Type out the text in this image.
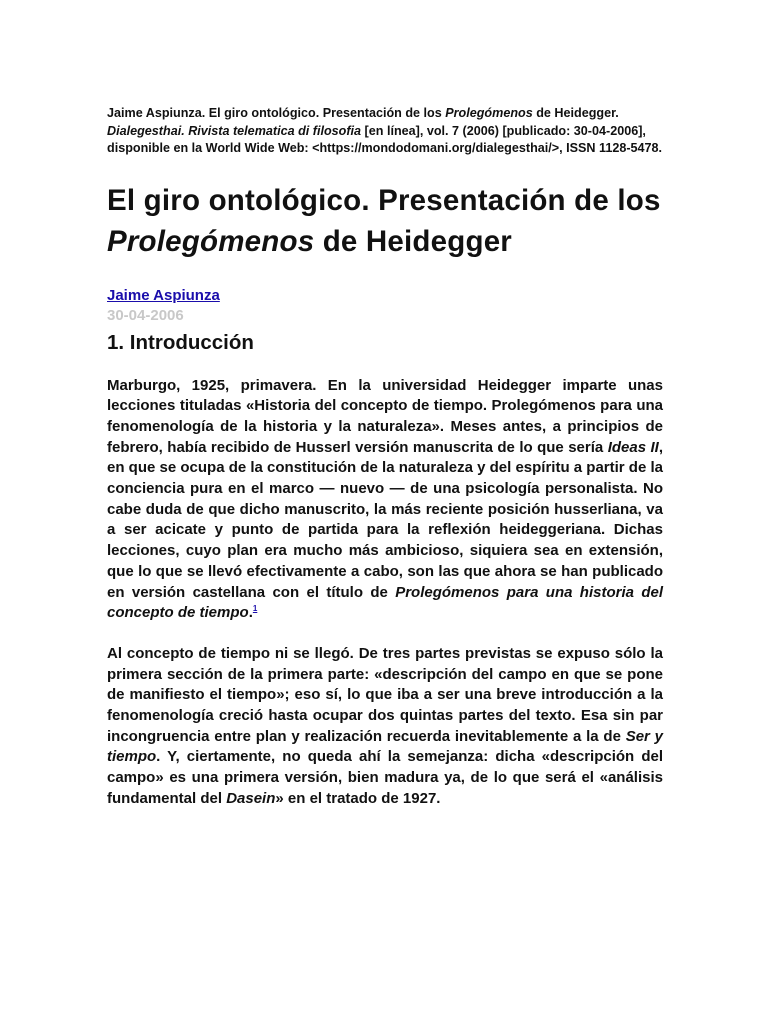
Jaime Aspiunza. El giro ontológico. Presentación de los Prolegómenos de Heidegger. Dialegesthai. Rivista telematica di filosofia [en línea], vol. 7 (2006) [publicado: 30-04-2006], disponible en la World Wide Web: <https://mondodomani.org/dialegesthai/>, ISSN 1128-5478.

El giro ontológico. Presentación de los Prolegómenos de Heidegger
Jaime Aspiunza
30-04-2006
1. Introducción

Marburgo, 1925, primavera. En la universidad Heidegger imparte unas lecciones tituladas «Historia del concepto de tiempo. Prolegómenos para una fenomenología de la historia y la naturaleza». Meses antes, a principios de febrero, había recibido de Husserl versión manuscrita de lo que sería Ideas II, en que se ocupa de la constitución de la naturaleza y del espíritu a partir de la conciencia pura en el marco — nuevo — de una psicología personalista. No cabe duda de que dicho manuscrito, la más reciente posición husserliana, va a ser acicate y punto de partida para la reflexión heideggeriana. Dichas lecciones, cuyo plan era mucho más ambicioso, siquiera sea en extensión, que lo que se llevó efectivamente a cabo, son las que ahora se han publicado en versión castellana con el título de Prolegómenos para una historia del concepto de tiempo.$^1$

Al concepto de tiempo ni se llegó. De tres partes previstas se expuso sólo la primera sección de la primera parte: «descripción del campo en que se pone de manifiesto el tiempo»; eso sí, lo que iba a ser una breve introducción a la fenomenología creció hasta ocupar dos quintas partes del texto. Esa sin par incongruencia entre plan y realización recuerda inevitablemente a la de Ser y tiempo. Y, ciertamente, no queda ahí la semejanza: dicha «descripción del campo» es una primera versión, bien madura ya, de lo que será el «análisis fundamental del Dasein» en el tratado de 1927.
